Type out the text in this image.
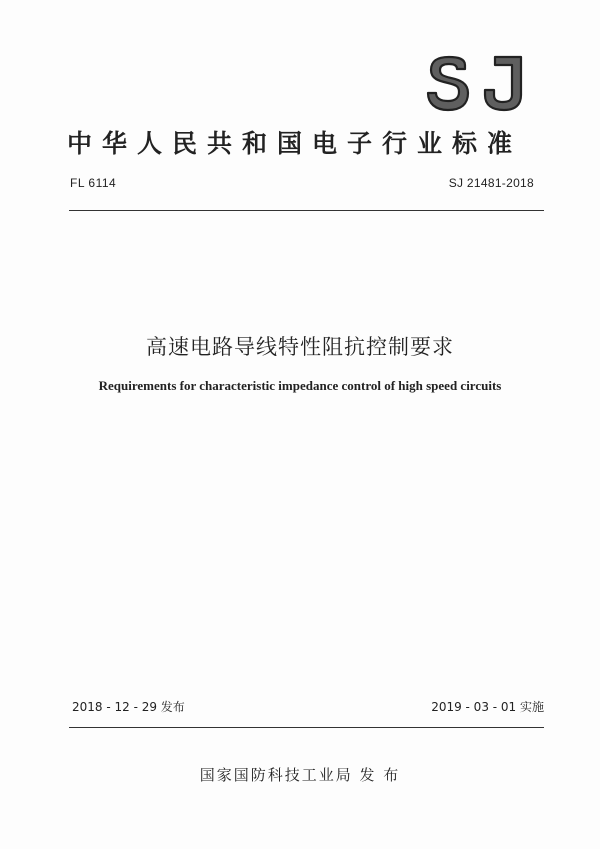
SJ
中华人民共和国电子行业标准
FL 6114	SJ 21481-2018
高速电路导线特性阻抗控制要求
Requirements for characteristic impedance control of high speed circuits
2018 - 12 - 29 发布	2019 - 03 - 01 实施
国家国防科技工业局 发 布
